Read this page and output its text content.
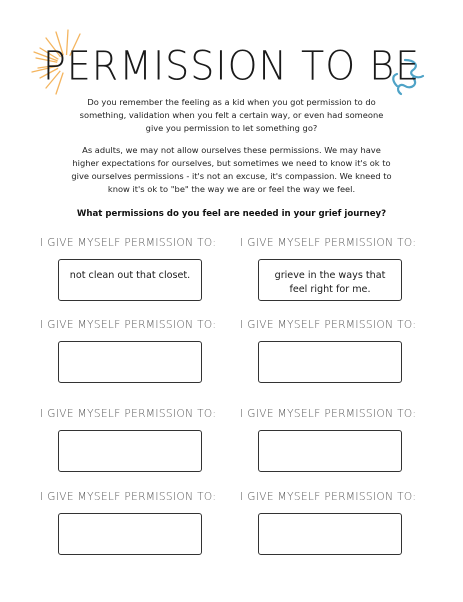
PERMISSION TO BE
Do you remember the feeling as a kid when you got permission to do something, validation when you felt a certain way, or even had someone give you permission to let something go?
As adults, we may not allow ourselves these permissions. We may have higher expectations for ourselves, but sometimes we need to know it's ok to give ourselves permissions - it's not an excuse, it's compassion. We kneed to know it's ok to "be" the way we are or feel the way we feel.
What permissions do you feel are needed in your grief journey?
I GIVE MYSELF PERMISSION TO:
not clean out that closet.
I GIVE MYSELF PERMISSION TO:
grieve in the ways that feel right for me.
I GIVE MYSELF PERMISSION TO: I GIVE MYSELF PERMISSION TO:
I GIVE MYSELF PERMISSION TO: I GIVE MYSELF PERMISSION TO:
I GIVE MYSELF PERMISSION TO: I GIVE MYSELF PERMISSION TO:
